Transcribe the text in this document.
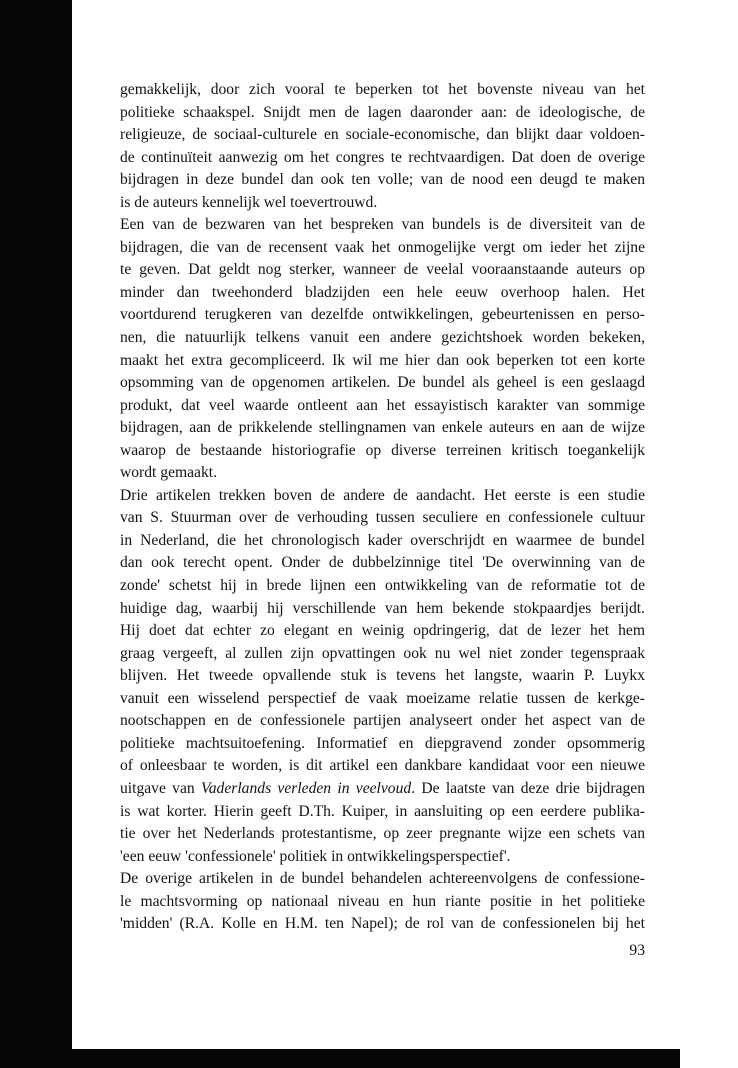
gemakkelijk, door zich vooral te beperken tot het bovenste niveau van het
politieke schaakspel. Snijdt men de lagen daaronder aan: de ideologische, de
religieuze, de sociaal-culturele en sociale-economische, dan blijkt daar voldoen-
de continuïteit aanwezig om het congres te rechtvaardigen. Dat doen de overige
bijdragen in deze bundel dan ook ten volle; van de nood een deugd te maken
is de auteurs kennelijk wel toevertrouwd.
Een van de bezwaren van het bespreken van bundels is de diversiteit van de
bijdragen, die van de recensent vaak het onmogelijke vergt om ieder het zijne
te geven. Dat geldt nog sterker, wanneer de veelal vooraanstaande auteurs op
minder dan tweehonderd bladzijden een hele eeuw overhoop halen. Het
voortdurend terugkeren van dezelfde ontwikkelingen, gebeurtenissen en perso-
nen, die natuurlijk telkens vanuit een andere gezichtshoek worden bekeken,
maakt het extra gecompliceerd. Ik wil me hier dan ook beperken tot een korte
opsomming van de opgenomen artikelen. De bundel als geheel is een geslaagd
produkt, dat veel waarde ontleent aan het essayistisch karakter van sommige
bijdragen, aan de prikkelende stellingnamen van enkele auteurs en aan de wijze
waarop de bestaande historiografie op diverse terreinen kritisch toegankelijk
wordt gemaakt.
Drie artikelen trekken boven de andere de aandacht. Het eerste is een studie
van S. Stuurman over de verhouding tussen seculiere en confessionele cultuur
in Nederland, die het chronologisch kader overschrijdt en waarmee de bundel
dan ook terecht opent. Onder de dubbelzinnige titel 'De overwinning van de
zonde' schetst hij in brede lijnen een ontwikkeling van de reformatie tot de
huidige dag, waarbij hij verschillende van hem bekende stokpaardjes berijdt.
Hij doet dat echter zo elegant en weinig opdringerig, dat de lezer het hem
graag vergeeft, al zullen zijn opvattingen ook nu wel niet zonder tegenspraak
blijven. Het tweede opvallende stuk is tevens het langste, waarin P. Luykx
vanuit een wisselend perspectief de vaak moeizame relatie tussen de kerkge-
nootschappen en de confessionele partijen analyseert onder het aspect van de
politieke machtsuitoefening. Informatief en diepgravend zonder opsommerig
of onleesbaar te worden, is dit artikel een dankbare kandidaat voor een nieuwe
uitgave van Vaderlands verleden in veelvoud. De laatste van deze drie bijdragen
is wat korter. Hierin geeft D.Th. Kuiper, in aansluiting op een eerdere publika-
tie over het Nederlands protestantisme, op zeer pregnante wijze een schets van
'een eeuw 'confessionele' politiek in ontwikkelingsperspectief'.
De overige artikelen in de bundel behandelen achtereenvolgens de confessione-
le machtsvorming op nationaal niveau en hun riante positie in het politieke
'midden' (R.A. Kolle en H.M. ten Napel); de rol van de confessionelen bij het
93
